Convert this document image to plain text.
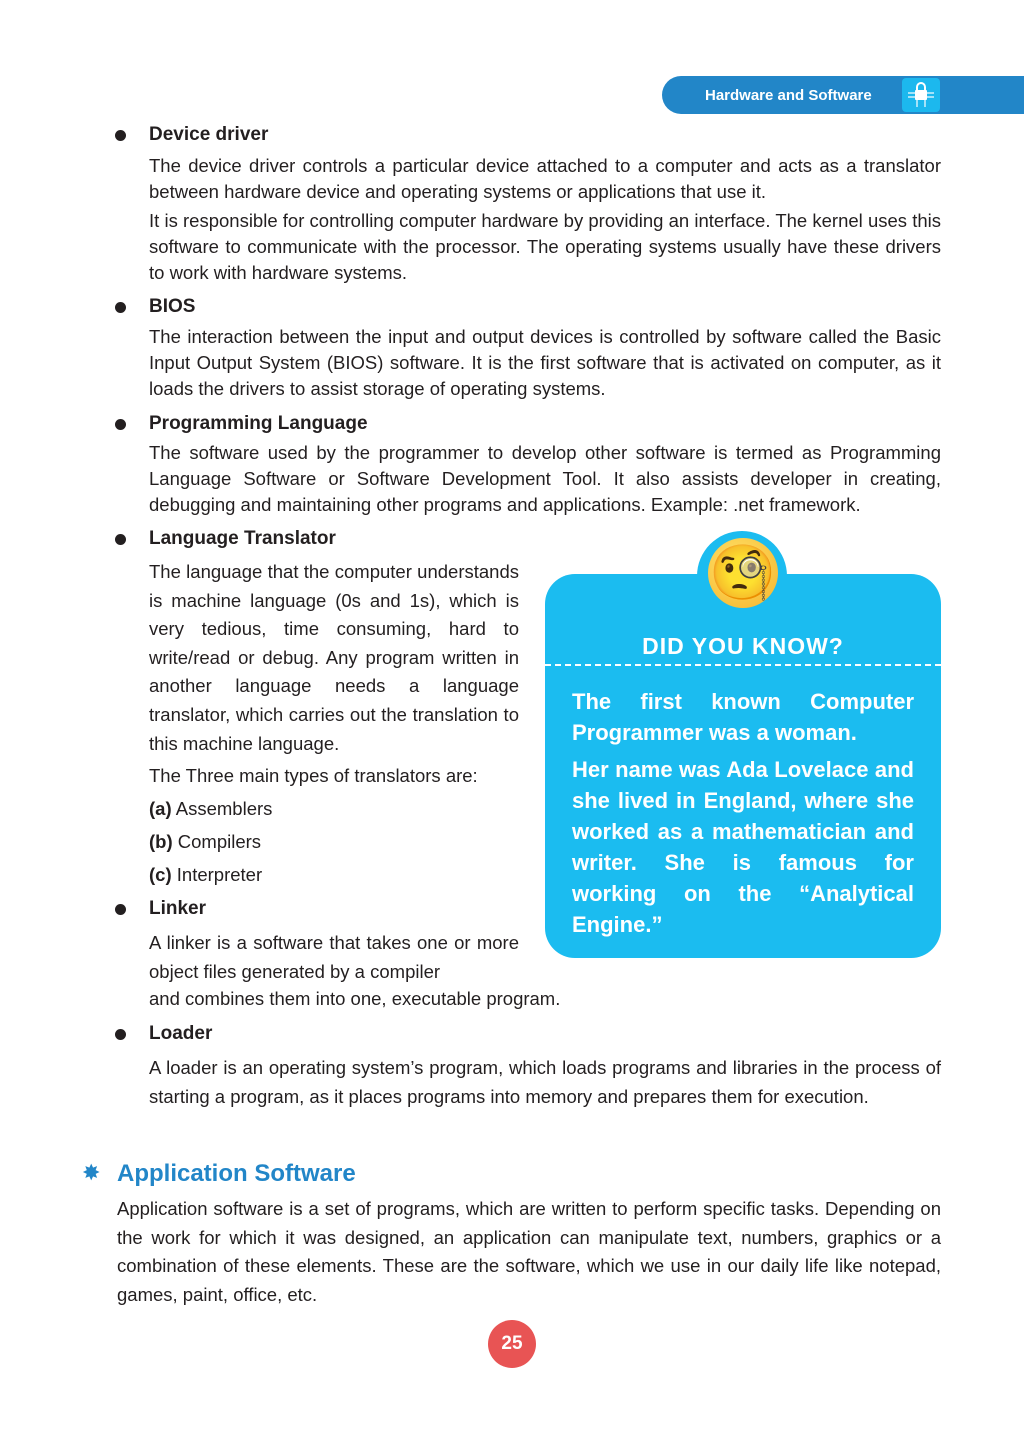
Hardware and Software
Device driver
The device driver controls a particular device attached to a computer and acts as a translator between hardware device and operating systems or applications that use it.
It is responsible for controlling computer hardware by providing an interface. The kernel uses this software to communicate with the processor. The operating systems usually have these drivers to work with hardware systems.
BIOS
The interaction between the input and output devices is controlled by software called the Basic Input Output System (BIOS) software. It is the first software that is activated on computer, as it loads the drivers to assist storage of operating systems.
Programming Language
The software used by the programmer to develop other software is termed as Programming Language Software or Software Development Tool. It also assists developer in creating, debugging and maintaining other programs and applications. Example: .net framework.
Language Translator
The language that the computer understands is machine language (0s and 1s), which is very tedious, time consuming, hard to write/read or debug. Any program written in another language needs a language translator, which carries out the translation to this machine language.
The Three main types of translators are:
(a) Assemblers
(b) Compilers
(c) Interpreter
Linker
A linker is a software that takes one or more object files generated by a compiler
and combines them into one, executable program.
Loader
A loader is an operating system’s program, which loads programs and libraries in the process of starting a program, as it places programs into memory and prepares them for execution.
🧐
DID YOU KNOW?
The first known Computer Programmer was a woman.
Her name was Ada Lovelace and she lived in England, where she worked as a mathematician and writer. She is famous for working on the “Analytical Engine.”
✸ Application Software
Application software is a set of programs, which are written to perform specific tasks. Depending on the work for which it was designed, an application can manipulate text, numbers, graphics or a combination of these elements. These are the software, which we use in our daily life like notepad, games, paint, office, etc.
25
